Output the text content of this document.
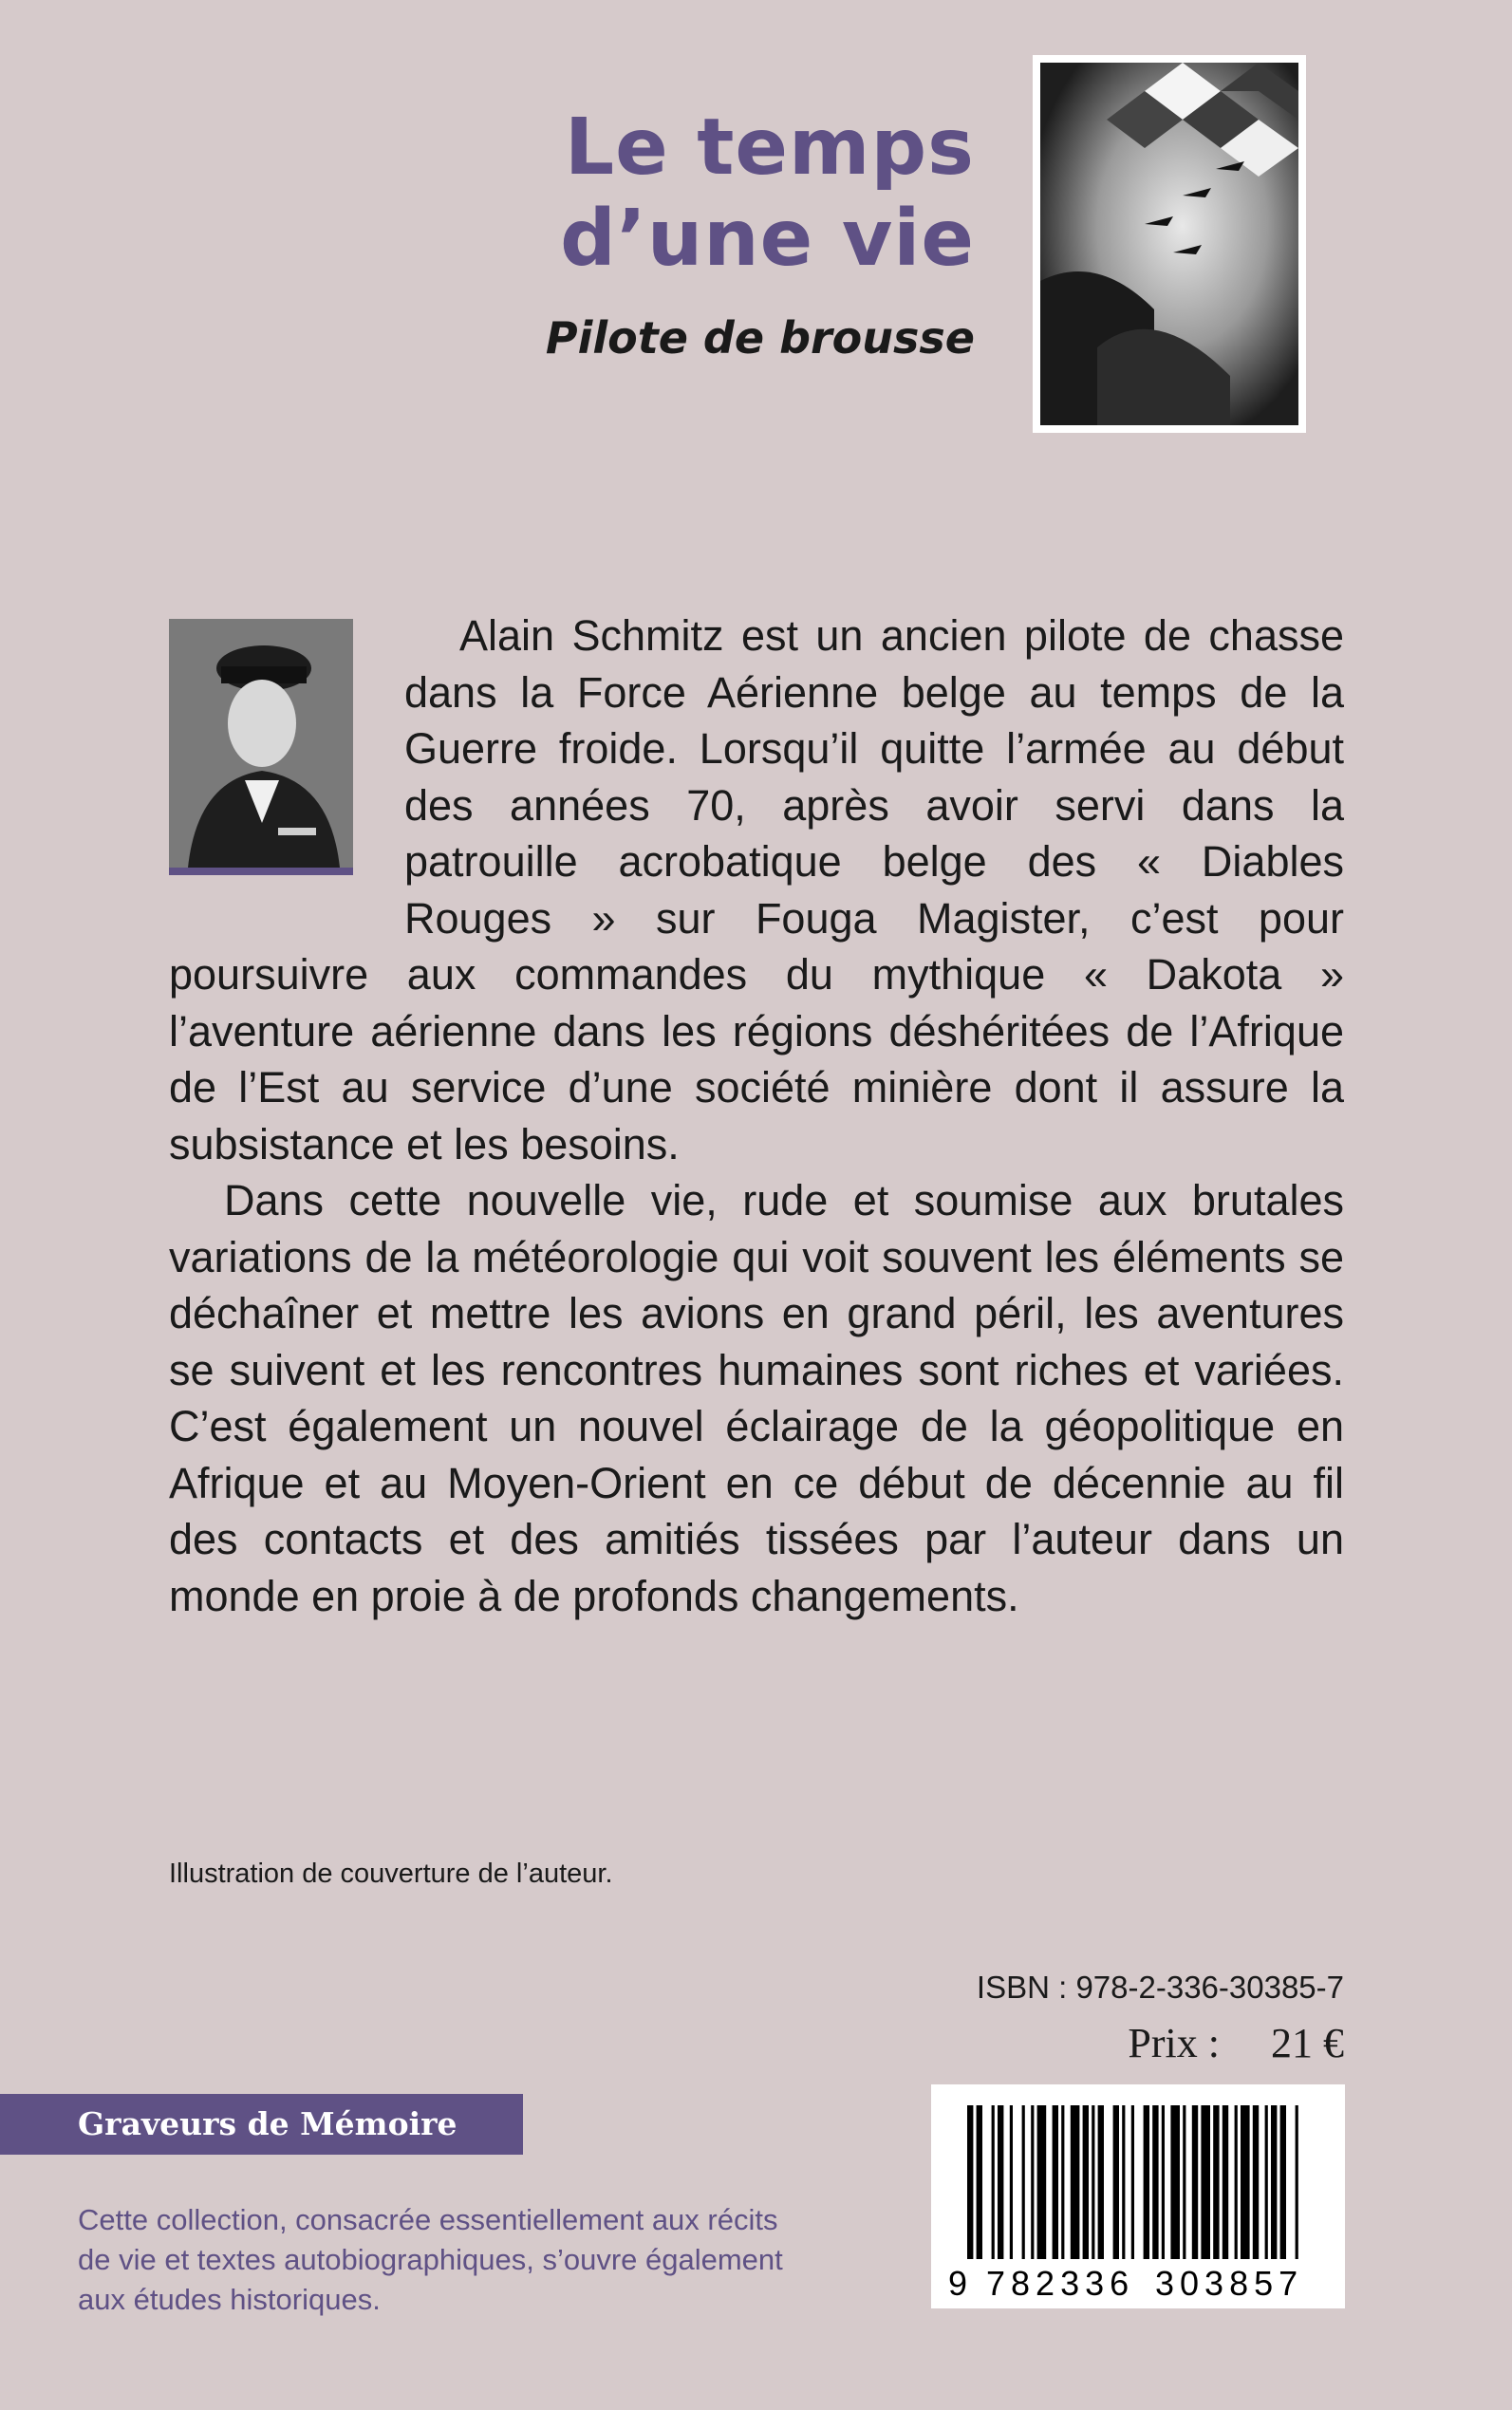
Le temps
d’une vie
Pilote de brousse

Alain Schmitz est un ancien pilote de chasse dans la Force Aérienne belge au temps de la Guerre froide. Lorsqu’il quitte l’armée au début des années 70, après avoir servi dans la patrouille acrobatique belge des « Diables Rouges » sur Fouga Magister, c’est pour poursuivre aux commandes du mythique « Dakota » l’aventure aérienne dans les régions déshéritées de l’Afrique de l’Est au service d’une société minière dont il assure la subsistance et les besoins.

Dans cette nouvelle vie, rude et soumise aux brutales variations de la météorologie qui voit souvent les éléments se déchaîner et mettre les avions en grand péril, les aventures se suivent et les rencontres humaines sont riches et variées. C’est également un nouvel éclairage de la géopolitique en Afrique et au Moyen-Orient en ce début de décennie au fil des contacts et des amitiés tissées par l’auteur dans un monde en proie à de profonds changements.

Illustration de couverture de l’auteur.

ISBN : 978-2-336-30385-7
Prix : 21 €
Graveurs de Mémoire

Cette collection, consacrée essentiellement aux récits de vie et textes autobiographiques, s’ouvre également aux études historiques.	9 782336 303857
